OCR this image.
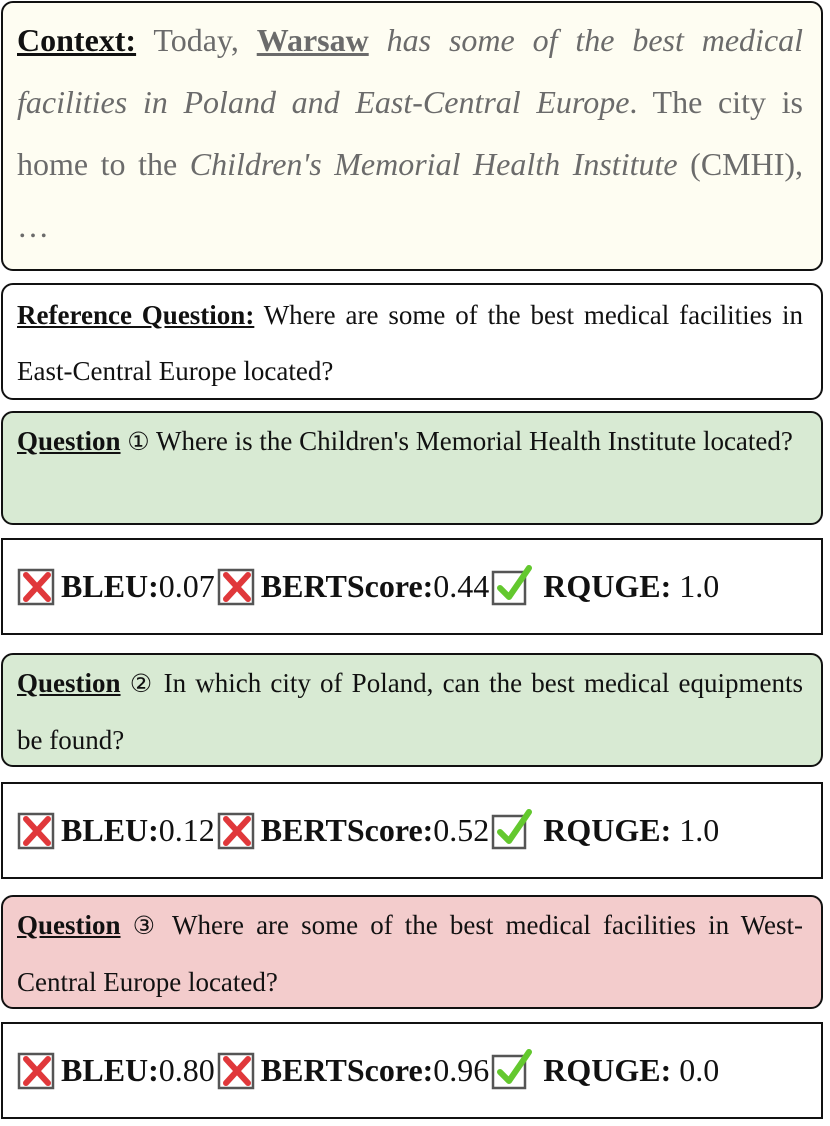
Context: Today, Warsaw has some of the best medical facilities in Poland and East-Central Europe. The city is home to the Children's Memorial Health Institute (CMHI), …
Reference Question: Where are some of the best medical facilities in East-Central Europe located?
Question ① Where is the Children's Memorial Health Institute located?
BLEU: 0.07 BERTScore: 0.44 RQUGE: 1.0
Question ② In which city of Poland, can the best medical equipments be found?
BLEU: 0.12 BERTScore: 0.52 RQUGE: 1.0
Question ③ Where are some of the best medical facilities in West-Central Europe located?
BLEU: 0.80 BERTScore: 0.96 RQUGE: 0.0
